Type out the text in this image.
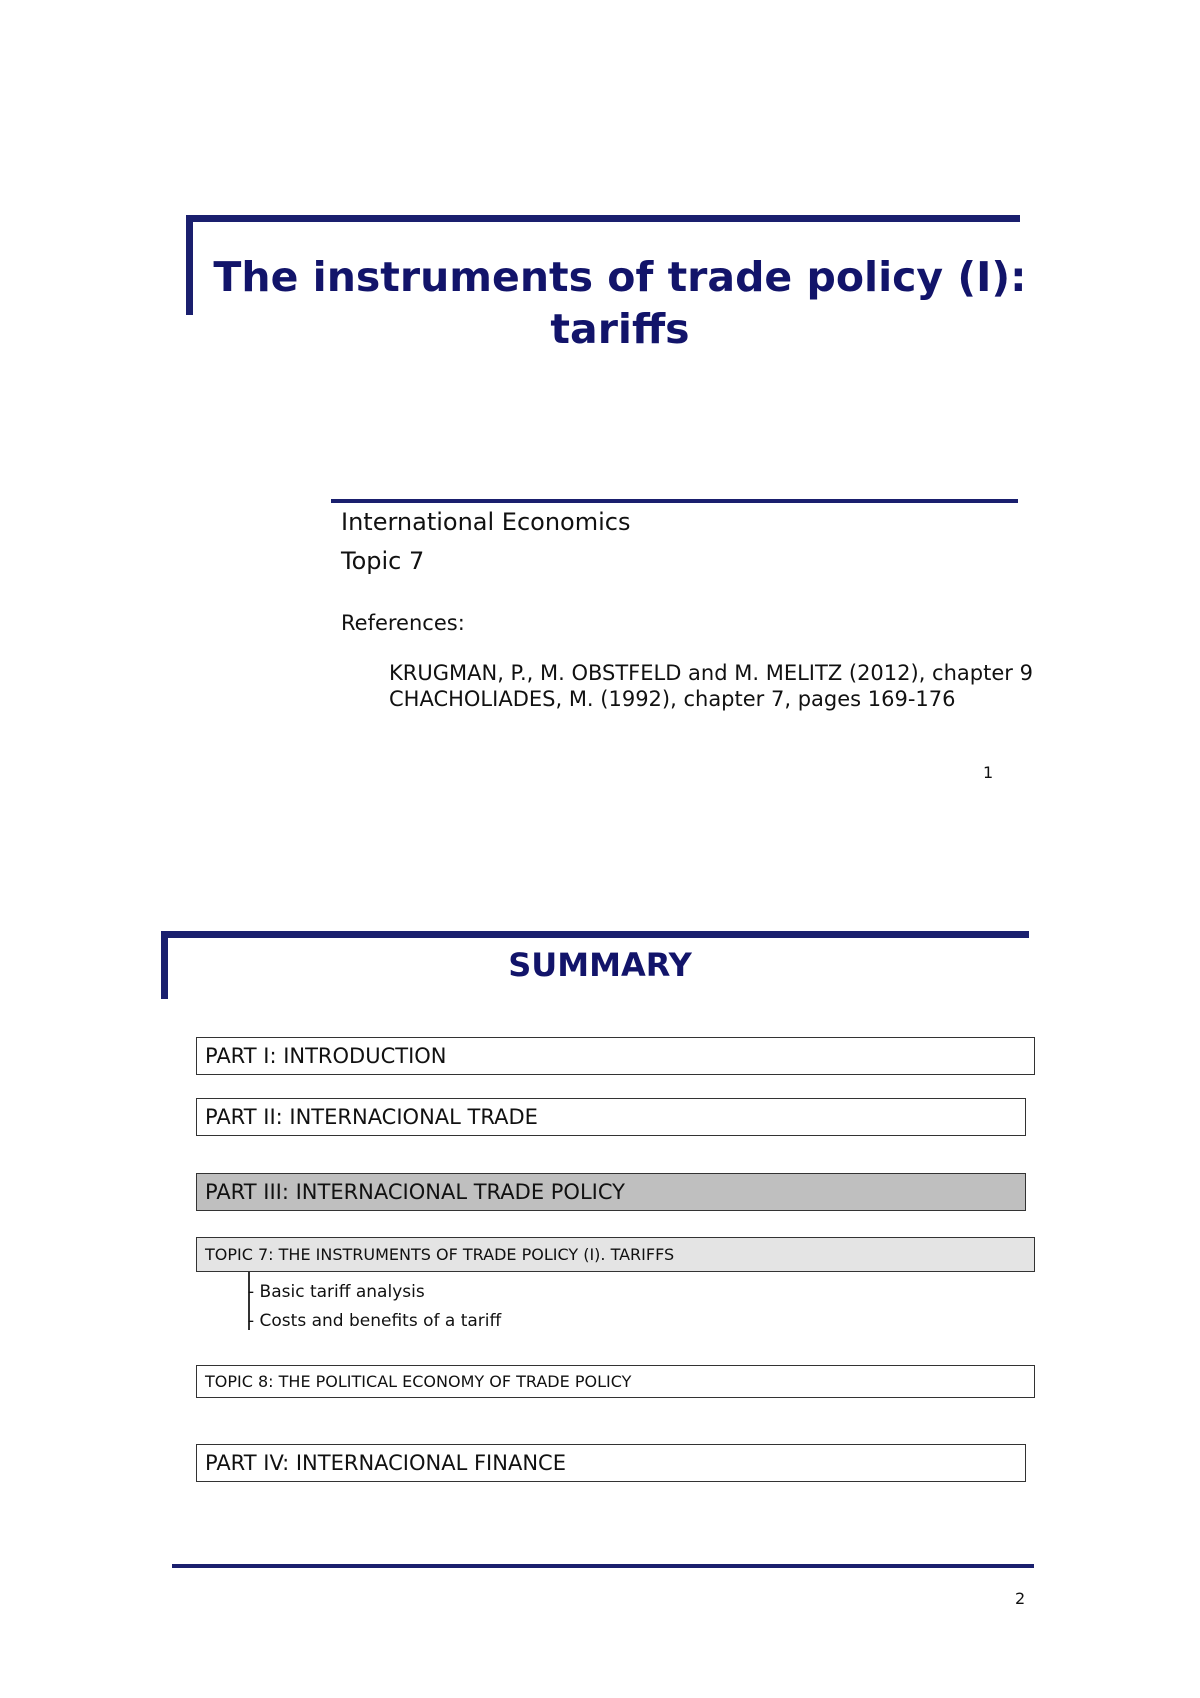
The instruments of trade policy (I):
tariffs
International Economics
Topic 7
References:
KRUGMAN, P., M. OBSTFELD and M. MELITZ (2012), chapter 9
CHACHOLIADES, M. (1992), chapter 7, pages 169-176
1
SUMMARY
PART I: INTRODUCTION
PART II: INTERNACIONAL TRADE
PART III: INTERNACIONAL TRADE POLICY
TOPIC 7: THE INSTRUMENTS OF TRADE POLICY (I). TARIFFS
- Basic tariff analysis
- Costs and benefits of a tariff
TOPIC 8: THE POLITICAL ECONOMY OF TRADE POLICY
PART IV: INTERNACIONAL FINANCE
2
